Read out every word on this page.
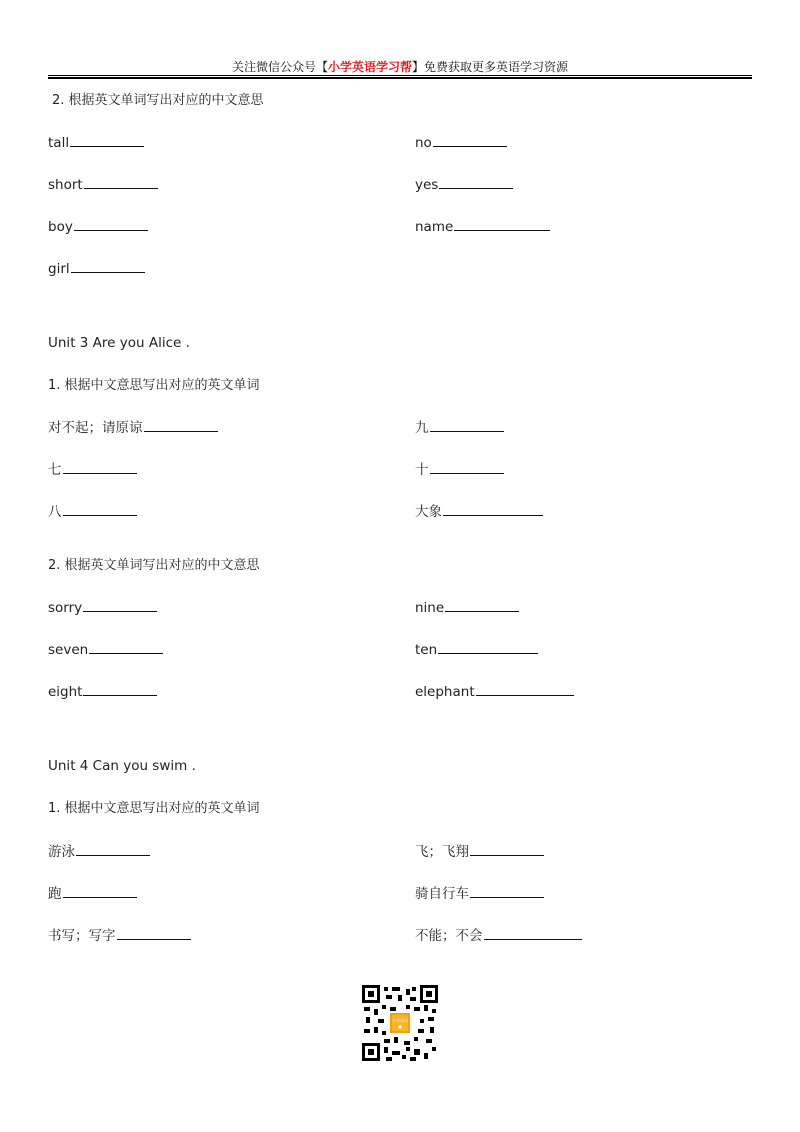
关注微信公众号【小学英语学习帮】免费获取更多英语学习资源
2. 根据英文单词写出对应的中文意思
tall	no
short	yes
boy	name
girl
Unit 3 Are you Alice .
1. 根据中文意思写出对应的英文单词
对不起；请原谅	九
七	十
八	大象
2. 根据英文单词写出对应的中文意思
sorry	nine
seven	ten
eight	elephant
Unit 4 Can you swim .
1. 根据中文意思写出对应的英文单词
游泳	飞；飞翔
跑	骑自行车
书写；写字	不能；不会
小学英语
■
